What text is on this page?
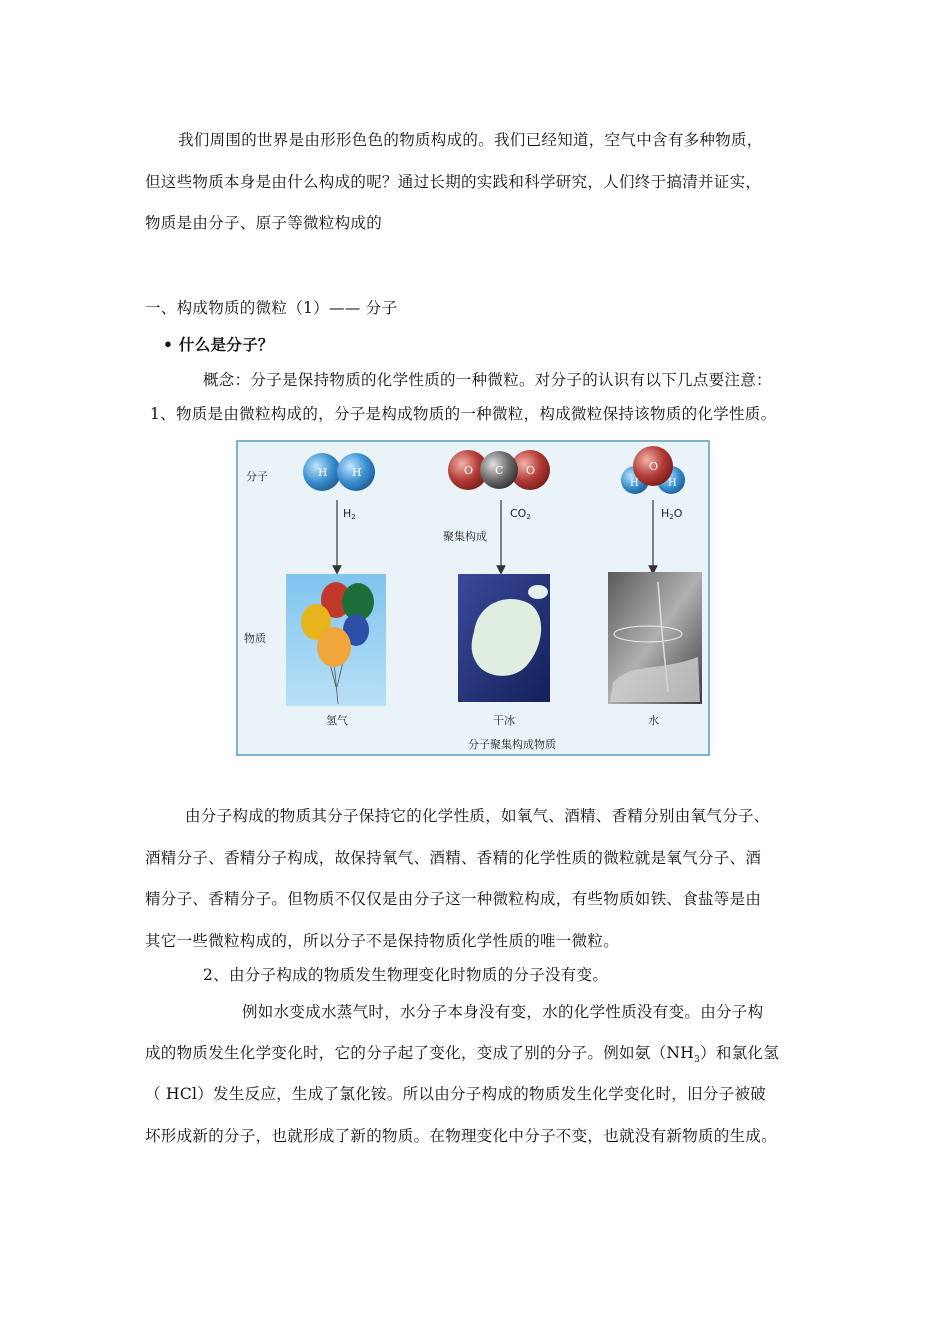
我们周围的世界是由形形色色的物质构成的。我们已经知道，空气中含有多种物质，
但这些物质本身是由什么构成的呢？通过长期的实践和科学研究，人们终于搞清并证实，
物质是由分子、原子等微粒构成的
一、构成物质的微粒（1）—— 分子
• 什么是分子？
概念：分子是保持物质的化学性质的一种微粒。对分子的认识有以下几点要注意：
1、物质是由微粒构成的，分子是构成物质的一种微粒，构成微粒保持该物质的化学性质。
分子
物质
H H	O C O	O
H	H
H2	CO2	H2O
聚集构成
氢气	干冰	水
分子聚集构成物质
由分子构成的物质其分子保持它的化学性质，如氧气、酒精、香精分别由氧气分子、
酒精分子、香精分子构成，故保持氧气、酒精、香精的化学性质的微粒就是氧气分子、酒
精分子、香精分子。但物质不仅仅是由分子这一种微粒构成，有些物质如铁、食盐等是由
其它一些微粒构成的，所以分子不是保持物质化学性质的唯一微粒。
2、由分子构成的物质发生物理变化时物质的分子没有变。
例如水变成水蒸气时，水分子本身没有变，水的化学性质没有变。由分子构
成的物质发生化学变化时，它的分子起了变化，变成了别的分子。例如氨$(NH_3)$和氯化氢
（ HCl）发生反应，生成了氯化铵。所以由分子构成的物质发生化学变化时，旧分子被破
坏形成新的分子，也就形成了新的物质。在物理变化中分子不变，也就没有新物质的生成。
